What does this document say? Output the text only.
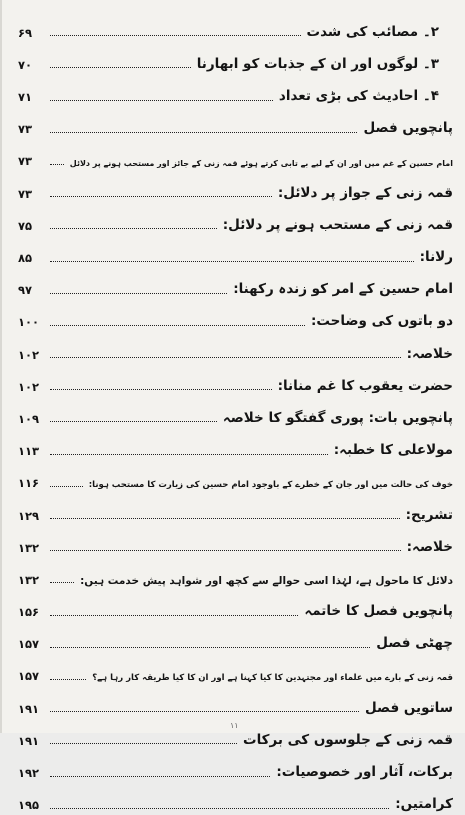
۲۔ مصائب کی شدت
۶۹
۳۔ لوگوں اور ان کے جذبات کو ابھارنا
۷۰
۴۔ احادیث کی بڑی تعداد
۷۱
پانچویں فصل
۷۳
امام حسین کے غم میں اور ان کے لیے بے تابی کرتے ہوئے قمہ زنی کے جائز اور مستحب ہونے پر دلائل
۷۳
قمہ زنی کے جواز پر دلائل:
۷۳
قمہ زنی کے مستحب ہونے پر دلائل:
۷۵
رلانا:
۸۵
امام حسین کے امر کو زندہ رکھنا:
۹۷
دو باتوں کی وضاحت:
۱۰۰
خلاصہ:
۱۰۲
حضرت یعقوب کا غم منانا:
۱۰۲
پانچویں بات: پوری گفتگو کا خلاصہ
۱۰۹
مولاعلی کا خطبہ:
۱۱۳
خوف کی حالت میں اور جان کے خطرے کے باوجود امام حسین کی زیارت کا مستحب ہونا:
۱۱۶
تشریح:
۱۲۹
خلاصہ:
۱۳۲
دلائل کا ماحول ہے، لہٰذا اسی حوالے سے کچھ اور شواہد پیش خدمت ہیں:
۱۳۲
پانچویں فصل کا خاتمہ
۱۵۶
چھٹی فصل
۱۵۷
قمہ زنی کے بارے میں علماء اور مجتہدین کا کیا کہنا ہے اور ان کا کیا طریقہ کار رہا ہے؟
۱۵۷
ساتویں فصل
۱۹۱
قمہ زنی کے جلوسوں کی برکات
۱۹۱
برکات، آثار اور خصوصیات:
۱۹۲
کرامتیں:
۱۹۵
۱۱
